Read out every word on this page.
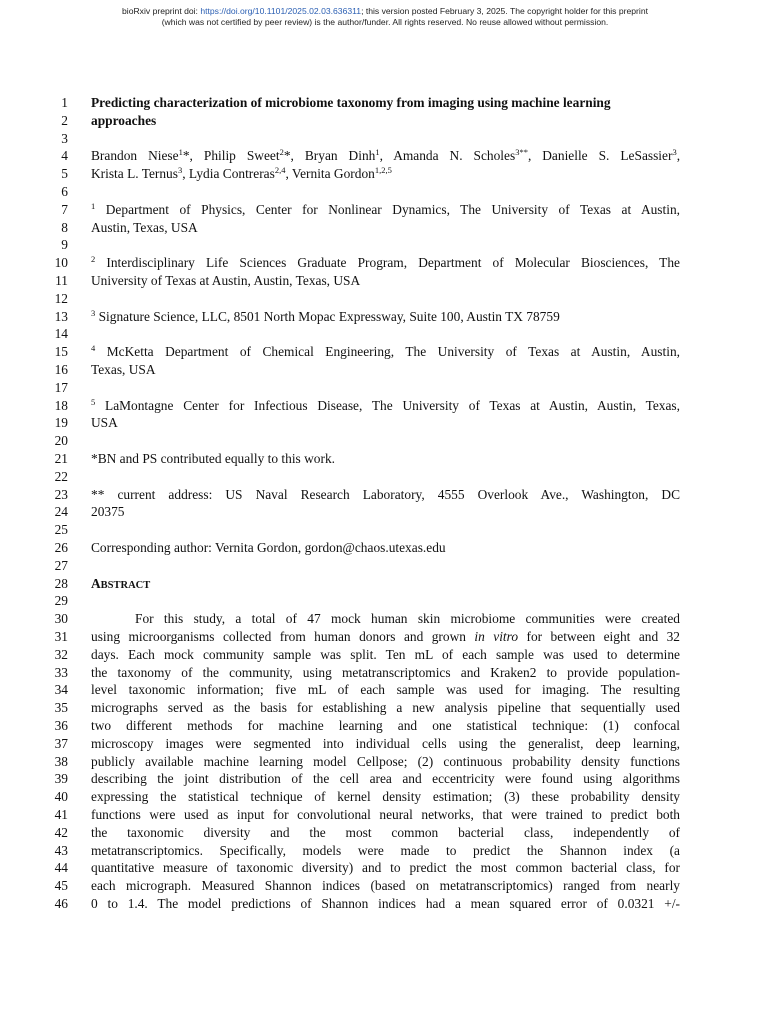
bioRxiv preprint doi: https://doi.org/10.1101/2025.02.03.636311; this version posted February 3, 2025. The copyright holder for this preprint
(which was not certified by peer review) is the author/funder. All rights reserved. No reuse allowed without permission.
1
2
3
4
5
6
7
8
9
10
11
12
13
14
15
16
17
18
19
20
21
22
23
24
25
26
27
28
29
30
31
32
33
34
35
36
37
38
39
40
41
42
43
44
45
46
Predicting characterization of microbiome taxonomy from imaging using machine learning
approaches
Brandon Niese$^1$*, Philip Sweet$^2$*, Bryan Dinh$^1$, Amanda N. Scholes$^{3**}$, Danielle S. LeSassier$^3$,
Krista L. Ternus$^3$, Lydia Contreras$^{2,4}$, Vernita Gordon$^{1,2,5}$
$^1$ Department of Physics, Center for Nonlinear Dynamics, The University of Texas at Austin,
Austin, Texas, USA
$^2$ Interdisciplinary Life Sciences Graduate Program, Department of Molecular Biosciences, The
University of Texas at Austin, Austin, Texas, USA
$^3$ Signature Science, LLC, 8501 North Mopac Expressway, Suite 100, Austin TX 78759
$^4$ McKetta Department of Chemical Engineering, The University of Texas at Austin, Austin,
Texas, USA
$^5$ LaMontagne Center for Infectious Disease, The University of Texas at Austin, Austin, Texas,
USA
*BN and PS contributed equally to this work.
** current address: US Naval Research Laboratory, 4555 Overlook Ave., Washington, DC
20375
Corresponding author: Vernita Gordon, gordon@chaos.utexas.edu
ABSTRACT
For this study, a total of 47 mock human skin microbiome communities were created
using microorganisms collected from human donors and grown in vitro for between eight and 32
days. Each mock community sample was split. Ten mL of each sample was used to determine
the taxonomy of the community, using metatranscriptomics and Kraken2 to provide population-
level taxonomic information; five mL of each sample was used for imaging. The resulting
micrographs served as the basis for establishing a new analysis pipeline that sequentially used
two different methods for machine learning and one statistical technique: (1) confocal
microscopy images were segmented into individual cells using the generalist, deep learning,
publicly available machine learning model Cellpose; (2) continuous probability density functions
describing the joint distribution of the cell area and eccentricity were found using algorithms
expressing the statistical technique of kernel density estimation; (3) these probability density
functions were used as input for convolutional neural networks, that were trained to predict both
the taxonomic diversity and the most common bacterial class, independently of
metatranscriptomics. Specifically, models were made to predict the Shannon index (a
quantitative measure of taxonomic diversity) and to predict the most common bacterial class, for
each micrograph. Measured Shannon indices (based on metatranscriptomics) ranged from nearly
0 to 1.4. The model predictions of Shannon indices had a mean squared error of 0.0321 +/-
